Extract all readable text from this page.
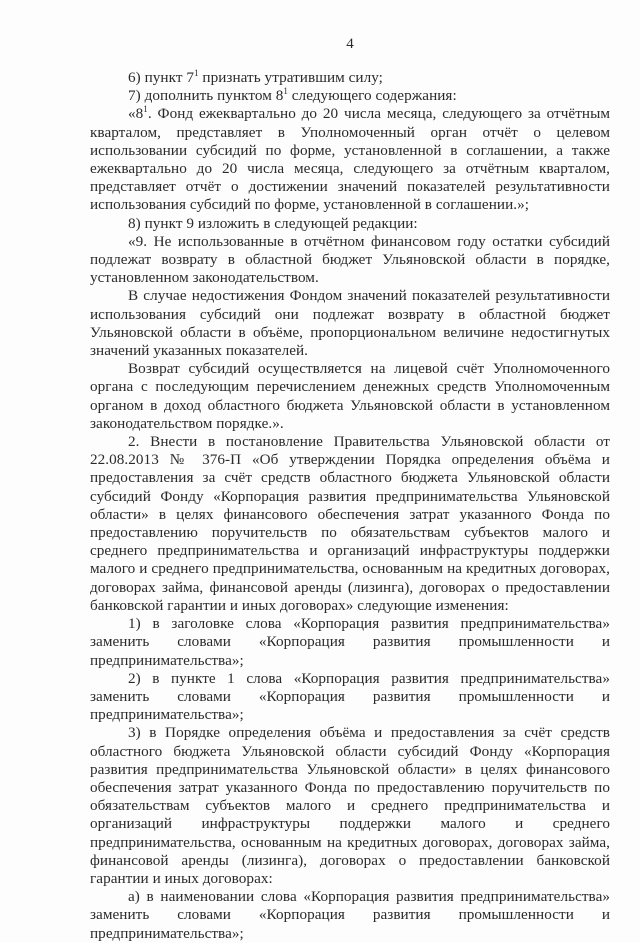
4

6) пункт $7^1$ признать утратившим силу;

7) дополнить пунктом $8^1$ следующего содержания:

«$8^1$. Фонд ежеквартально до 20 числа месяца, следующего за отчётным кварталом, представляет в Уполномоченный орган отчёт о целевом использовании субсидий по форме, установленной в соглашении, а также ежеквартально до 20 числа месяца, следующего за отчётным кварталом, представляет отчёт о достижении значений показателей результативности использования субсидий по форме, установленной в соглашении.»;

8) пункт 9 изложить в следующей редакции:

«9. Не использованные в отчётном финансовом году остатки субсидий подлежат возврату в областной бюджет Ульяновской области в порядке, установленном законодательством.

В случае недостижения Фондом значений показателей результативности использования субсидий они подлежат возврату в областной бюджет Ульяновской области в объёме, пропорциональном величине недостигнутых значений указанных показателей.

Возврат субсидий осуществляется на лицевой счёт Уполномоченного органа с последующим перечислением денежных средств Уполномоченным органом в доход областного бюджета Ульяновской области в установленном законодательством порядке.».

2. Внести в постановление Правительства Ульяновской области от 22.08.2013 № 376-П «Об утверждении Порядка определения объёма и предоставления за счёт средств областного бюджета Ульяновской области субсидий Фонду «Корпорация развития предпринимательства Ульяновской области» в целях финансового обеспечения затрат указанного Фонда по предоставлению поручительств по обязательствам субъектов малого и среднего предпринимательства и организаций инфраструктуры поддержки малого и среднего предпринимательства, основанным на кредитных договорах, договорах займа, финансовой аренды (лизинга), договорах о предоставлении банковской гарантии и иных договорах» следующие изменения:

1) в заголовке слова «Корпорация развития предпринимательства» заменить словами «Корпорация развития промышленности и предпринимательства»;

2) в пункте 1 слова «Корпорация развития предпринимательства» заменить словами «Корпорация развития промышленности и предпринимательства»;

3) в Порядке определения объёма и предоставления за счёт средств областного бюджета Ульяновской области субсидий Фонду «Корпорация развития предпринимательства Ульяновской области» в целях финансового обеспечения затрат указанного Фонда по предоставлению поручительств по обязательствам субъектов малого и среднего предпринимательства и организаций инфраструктуры поддержки малого и среднего предпринимательства, основанным на кредитных договорах, договорах займа, финансовой аренды (лизинга), договорах о предоставлении банковской гарантии и иных договорах:

а) в наименовании слова «Корпорация развития предпринимательства» заменить словами «Корпорация развития промышленности и предпринимательства»;
